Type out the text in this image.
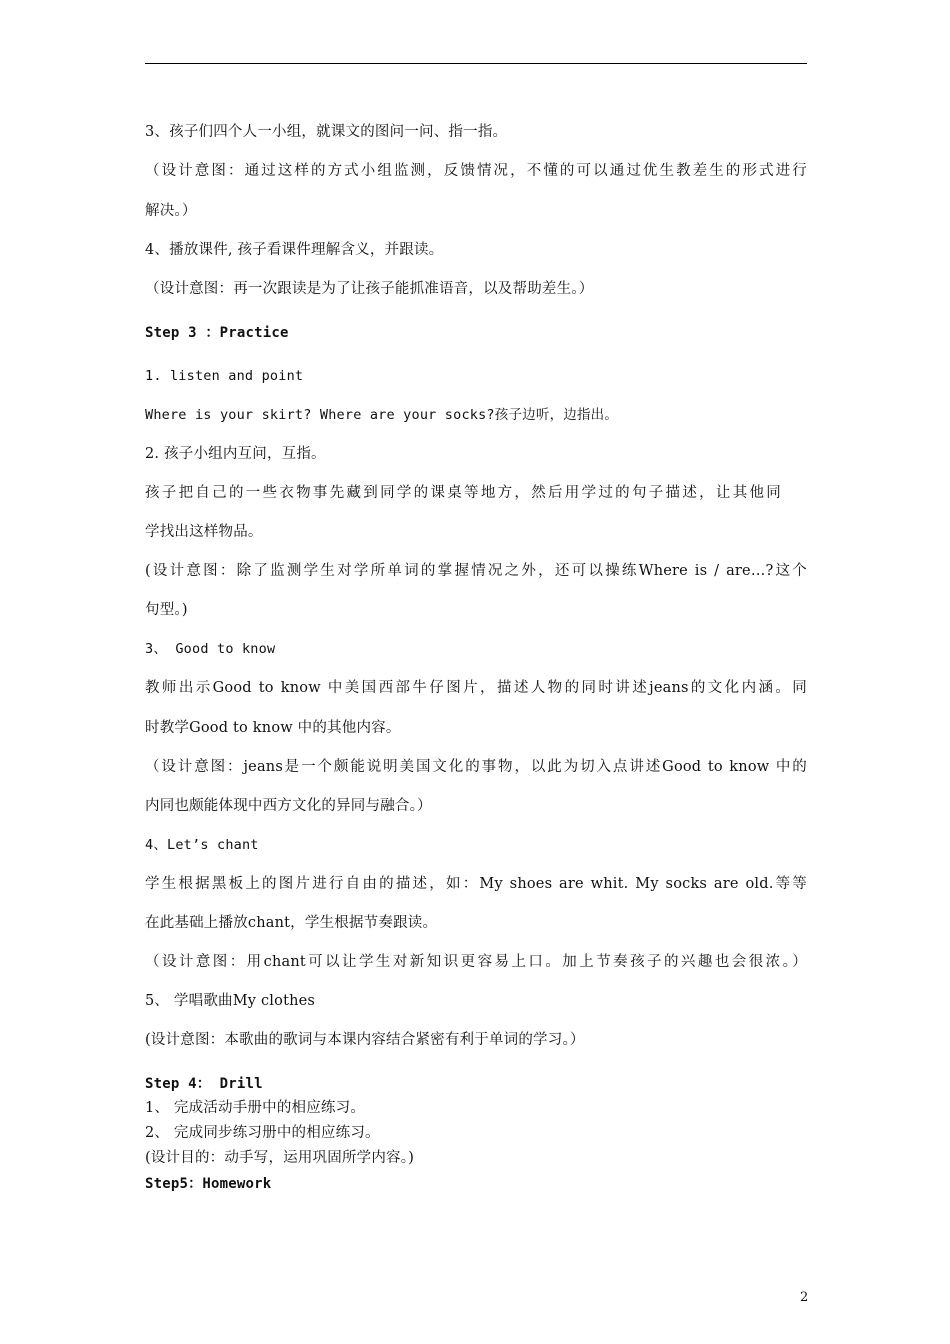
3、孩子们四个人一小组，就课文的图问一问、指一指。
（设计意图：通过这样的方式小组监测，反馈情况，不懂的可以通过优生教差生的形式进行
解决。）
4、播放课件, 孩子看课件理解含义，并跟读。
（设计意图：再一次跟读是为了让孩子能抓准语音，以及帮助差生。）
Step 3 ：Practice
1. listen and point
Where is your skirt? Where are your socks?孩子边听，边指出。
2. 孩子小组内互问，互指。
孩子把自己的一些衣物事先藏到同学的课桌等地方，然后用学过的句子描述，让其他同
学找出这样物品。
(设计意图：除了监测学生对学所单词的掌握情况之外，还可以操练Where is / are…?这个
句型。)
3、 Good to know
教师出示Good to know 中美国西部牛仔图片，描述人物的同时讲述jeans的文化内涵。同
时教学Good to know 中的其他内容。
（设计意图：jeans是一个颇能说明美国文化的事物，以此为切入点讲述Good to know 中的
内同也颇能体现中西方文化的异同与融合。）
4、Let’s chant
学生根据黑板上的图片进行自由的描述，如：My shoes are whit. My socks are old.等等
在此基础上播放chant，学生根据节奏跟读。
（设计意图：用chant可以让学生对新知识更容易上口。加上节奏孩子的兴趣也会很浓。）
5、 学唱歌曲My clothes
(设计意图：本歌曲的歌词与本课内容结合紧密有利于单词的学习。）
Step 4： Drill
1、 完成活动手册中的相应练习。
2、 完成同步练习册中的相应练习。
(设计目的：动手写，运用巩固所学内容。)
Step5：Homework
2
